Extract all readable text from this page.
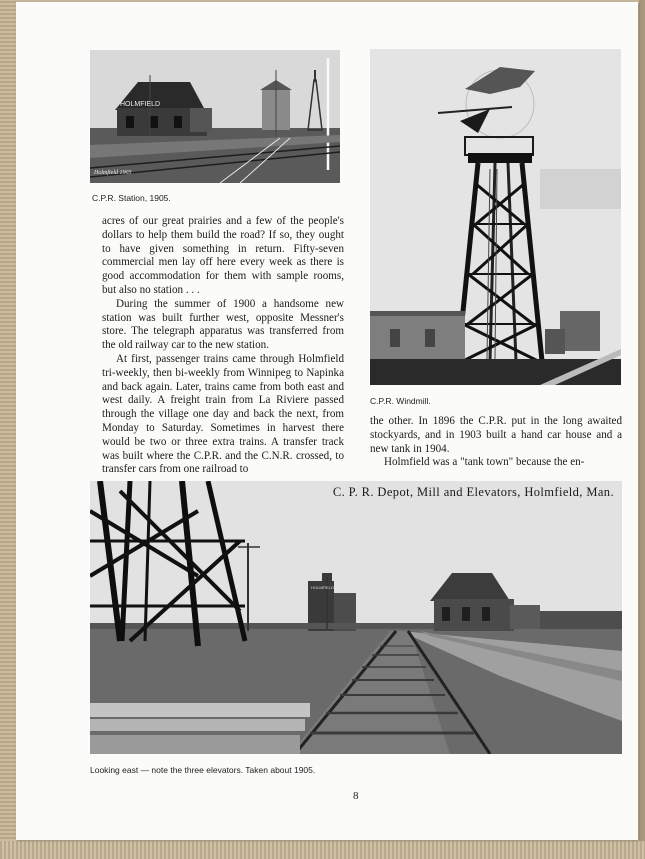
HOLMFIELD
Holmfield 1905
C.P.R. Station, 1905.
C.P.R. Windmill.

acres of our great prairies and a few of the people's dollars to help them build the road? If so, they ought to have given something in return. Fifty-seven commercial men lay off here every week as there is good accommodation for them with sample rooms, but also no station . . .

During the summer of 1900 a handsome new station was built further west, opposite Messner's store. The telegraph apparatus was transferred from the old railway car to the new station.

At first, passenger trains came through Holmfield tri-weekly, then bi-weekly from Winnipeg to Napinka and back again. Later, trains came from both east and west daily. A freight train from La Riviere passed through the village one day and back the next, from Monday to Saturday. Sometimes in harvest there would be two or three extra trains. A transfer track was built where the C.P.R. and the C.N.R. crossed, to transfer cars from one railroad to

the other. In 1896 the C.P.R. put in the long awaited stockyards, and in 1903 built a hand car house and a new tank in 1904.

Holmfield was a "tank town" because the en-

HOLMFIELD
C. P. R. Depot, Mill and Elevators, Holmfield, Man.
Looking east — note the three elevators. Taken about 1905.
8
